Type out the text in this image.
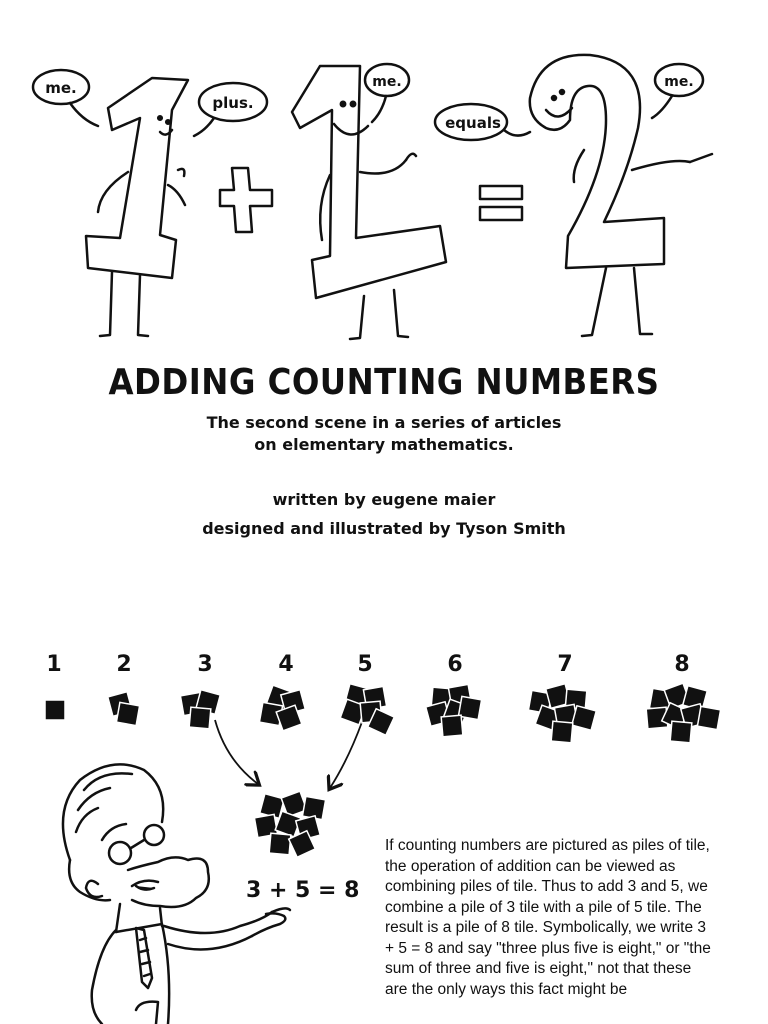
me.
plus.
me.
equals
me.
ADDING COUNTING NUMBERS
The second scene in a series of articles
on elementary mathematics.
written by eugene maier
designed and illustrated by Tyson Smith
1	2	3	4	5	6	7	8
3 + 5 = 8
If counting numbers are pictured as piles of tile, the operation of addition can be viewed as combining piles of tile. Thus to add 3 and 5, we combine a pile of 3 tile with a pile of 5 tile. The result is a pile of 8 tile. Symbolically, we write 3 + 5 = 8 and say "three plus five is eight," or "the sum of three and five is eight," not that these are the only ways this fact might be
